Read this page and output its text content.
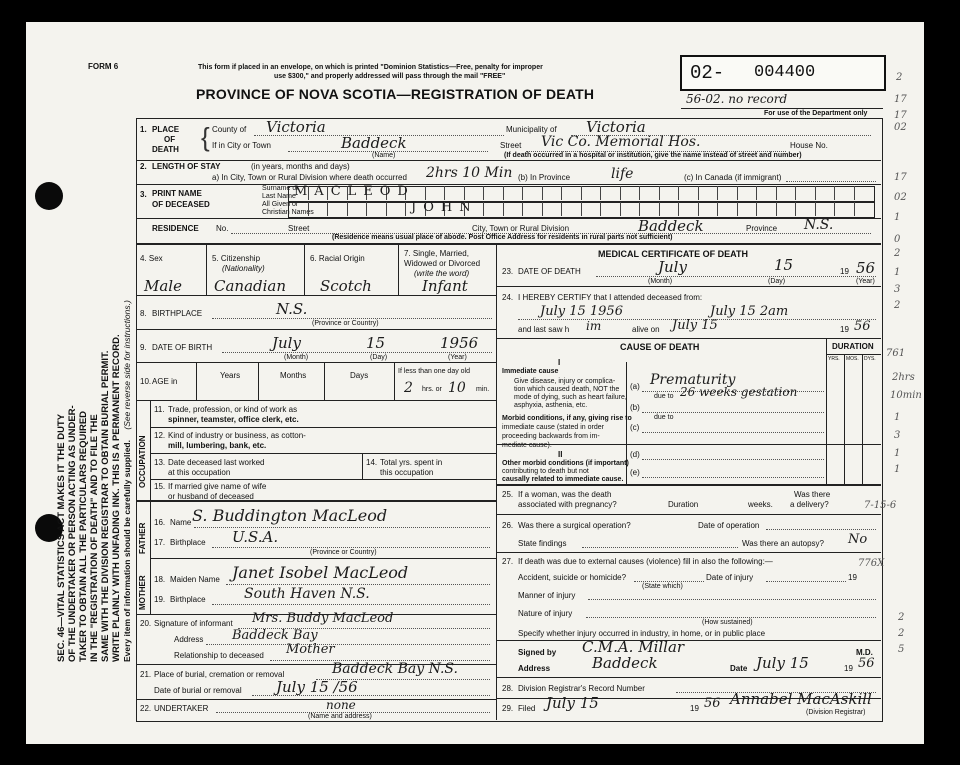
SEC. 46—VITAL STATISTICS ACT MAKES IT THE DUTY OF THE UNDERTAKER OR PERSON ACTING AS UNDER- TAKER TO OBTAIN ALL THE PARTICULARS REQUIRED IN THE "REGISTRATION OF DEATH" AND TO FILE THE SAME WITH THE DIVISION REGISTRAR TO OBTAIN BURIAL PERMIT. WRITE PLAINLY WITH UNFADING INK. THIS IS A PERMANENT RECORD. Every item of information should be carefully supplied. (See reverse side for instructions.)
FORM 6	This form if placed in an envelope, on which is printed "Dominion Statistics—Free, penalty for improper
use $300," and properly addressed will pass through the mail "FREE"
PROVINCE OF NOVA SCOTIA—REGISTRATION OF DEATH
02- 004400
56-02. no record
For use of the Department only
1. PLACE
OF
DEATH { County of Victoria	Municipality of Victoria
If in City or Town	Baddeck
(Name)
Street Vic Co. Memorial Hos.	House No.
(If death occurred in a hospital or institution, give the name instead of street and number)
2. LENGTH OF STAY	(in years, months and days)
a) In City, Town or Rural Division where death occurred 2hrs 10 Min (b) In Province	life	(c) In Canada (if immigrant)
3. PRINT NAME
OF DECEASED
Surname or
Last Name
All Given or
Christian Names
MACLEOD
JOHN
RESIDENCE No.	Street	City, Town or Rural Division	Baddeck	Province N.S.
(Residence means usual place of abode. Post Office Address for residents in rural parts not sufficient)
4. Sex	5. Citizenship
(Nationality)
6. Racial Origin
7. Single, Married,
Widowed or Divorced
(write the word)
Male Canadian Scotch	Infant
8. BIRTHPLACE	N.S.
(Province or Country)
9. DATE OF BIRTH	July	15	1956
(Month)	(Day)	(Year)
10. AGE in
Years	Months	Days	If less than one day old
2 hrs. or 10 min.
OCCUPATION
11. Trade, profession, or kind of work as
spinner, teamster, office clerk, etc.
12. Kind of industry or business, as cotton-
mill, lumbering, bank, etc.
13. Date deceased last worked
at this occupation
14. Total yrs. spent in
this occupation
15. If married give name of wife
or husband of deceased
FATHER
MOTHER
16. Name S. Buddington MacLeod
17. Birthplace U.S.A.
(Province or Country)
18. Maiden Name Janet Isobel MacLeod
19. Birthplace	South Haven N.S.
20. Signature of informant Mrs. Buddy MacLeod
Address Baddeck Bay
Relationship to deceased Mother
21. Place of burial, cremation or removal	Baddeck Bay N.S.
Date of burial or removal July 15 /56
22. UNDERTAKER	none
(Name and address)
MEDICAL CERTIFICATE OF DEATH
23. DATE OF DEATH	July	15	19 56
(Month)	(Day)	(Year)
24. I HEREBY CERTIFY that I attended deceased from:
July 15 1956	July 15 2am
and last saw h im	alive on July 15	19 56
CAUSE OF DEATH	DURATION
YRS. MOS. DYS.
I
Immediate cause
Give disease, injury or complica-
tion which caused death, NOT the
mode of dying, such as heart failure,
asphyxia, asthenia, etc.
Morbid conditions, if any, giving rise to
immediate cause (stated in order
proceeding backwards from im-
mediate cause).
II
Other morbid conditions (if important)
contributing to death but not
causally related to immediate cause.
(a) Prematurity
due to 26 weeks gestation
(b)
due to
(c)
(d)
(e)
25. If a woman, was the death
associated with pregnancy?	Duration	weeks.
Was there
a delivery?
26. Was there a surgical operation?	Date of operation
State findings	Was there an autopsy? No
27. If death was due to external causes (violence) fill in also the following:—
Accident, suicide or homicide?
(State which)
Date of injury	19
Manner of injury
Nature of injury
(How sustained)
Specify whether injury occurred in industry, in home, or in public place
Signed by C.M.A. Millar	M.D.
Address	Baddeck	Date July 15	19 56
28. Division Registrar's Record Number
29. Filed July 15	19 56 Annabel MacAskill
(Division Registrar)
2
17
17
02
17
02
1
0
2
1
3
2
761
2hrs
10min
1
3
1
1
7-15-6
776X
2
2
5
